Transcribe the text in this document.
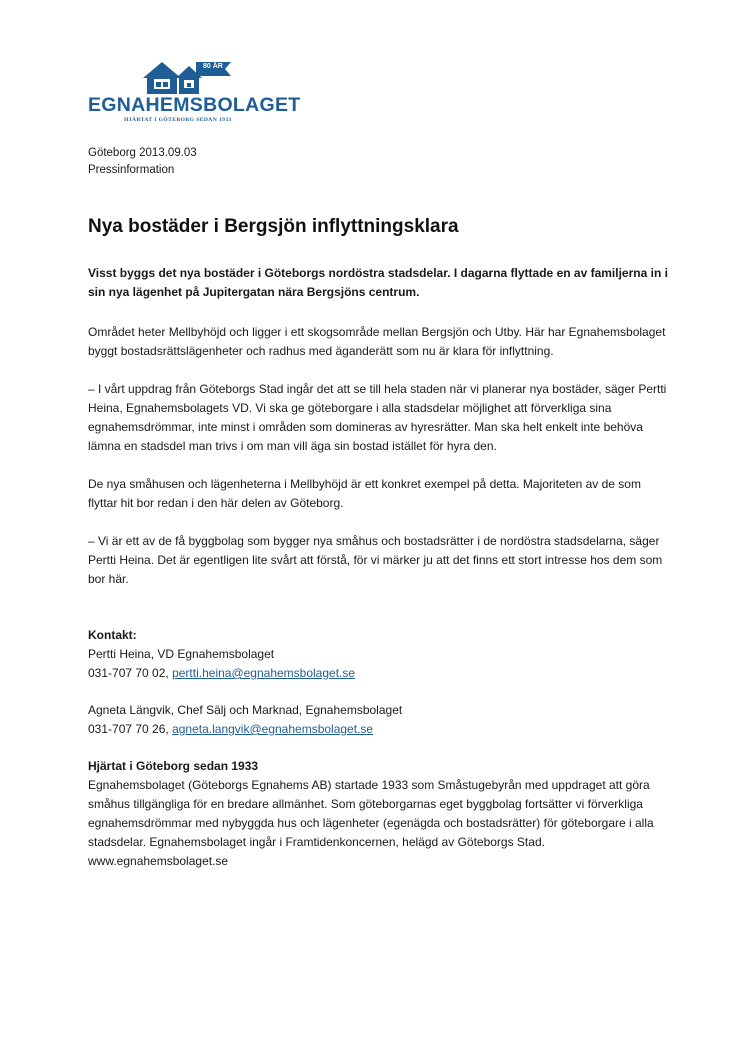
80 ÅR
EGNAHEMSBOLAGET
HJÄRTAT I GÖTEBORG SEDAN 1933
Göteborg 2013.09.03
Pressinformation
Nya bostäder i Bergsjön inflyttningsklara

Visst byggs det nya bostäder i Göteborgs nordöstra stadsdelar. I dagarna flyttade en av familjerna in i sin nya lägenhet på Jupitergatan nära Bergsjöns centrum.

Området heter Mellbyhöjd och ligger i ett skogsområde mellan Bergsjön och Utby. Här har Egnahemsbolaget byggt bostadsrättslägenheter och radhus med äganderätt som nu är klara för inflyttning.

– I vårt uppdrag från Göteborgs Stad ingår det att se till hela staden när vi planerar nya bostäder, säger Pertti Heina, Egnahemsbolagets VD. Vi ska ge göteborgare i alla stadsdelar möjlighet att förverkliga sina egnahemsdrömmar, inte minst i områden som domineras av hyresrätter. Man ska helt enkelt inte behöva lämna en stadsdel man trivs i om man vill äga sin bostad istället för hyra den.

De nya småhusen och lägenheterna i Mellbyhöjd är ett konkret exempel på detta. Majoriteten av de som flyttar hit bor redan i den här delen av Göteborg.

– Vi är ett av de få byggbolag som bygger nya småhus och bostadsrätter i de nordöstra stadsdelarna, säger Pertti Heina. Det är egentligen lite svårt att förstå, för vi märker ju att det finns ett stort intresse hos dem som bor här.

Kontakt:

Pertti Heina, VD Egnahemsbolaget

031-707 70 02, pertti.heina@egnahemsbolaget.se

Agneta Längvik, Chef Sälj och Marknad, Egnahemsbolaget

031-707 70 26, agneta.langvik@egnahemsbolaget.se

Hjärtat i Göteborg sedan 1933

Egnahemsbolaget (Göteborgs Egnahems AB) startade 1933 som Småstugebyrån med uppdraget att göra småhus tillgängliga för en bredare allmänhet. Som göteborgarnas eget byggbolag fortsätter vi förverkliga egnahemsdrömmar med nybyggda hus och lägenheter (egenägda och bostadsrätter) för göteborgare i alla stadsdelar. Egnahemsbolaget ingår i Framtidenkoncernen, helägd av Göteborgs Stad. www.egnahemsbolaget.se
